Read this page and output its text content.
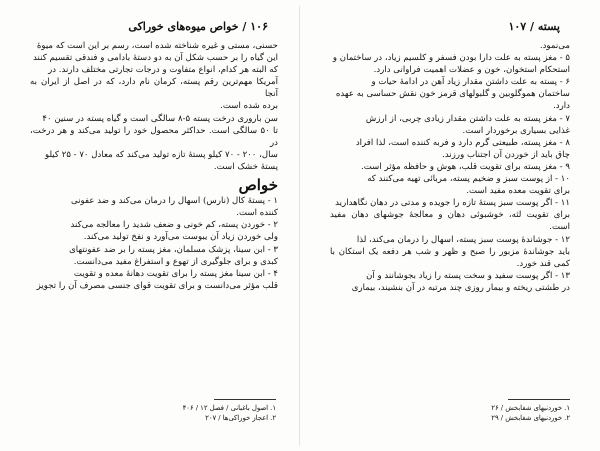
۱۰۶ / خواص میوه‌های خوراکی

حسنی، مستی و غیره شناخته شده است، رسم بر این است که میوهٔ

این گیاه را بر حسب شکل آن به دو دستهٔ بادامی و فندقی تقسیم کنند

که البته هر کدام، انواع متفاوت و درجات تجارتی مختلف دارند. در

آمریکا مهم‌ترین رقم پسته، کرمان نام دارد، که در اصل از ایران به آنجا

برده شده است.

سن باروری درخت پسته ۵-۸ سالگی است و گیاه پسته در سنین ۴۰

تا ۵۰ سالگی است. حداکثر محصول خود را تولید می‌کند و هر درخت، در

سال، ۲۰۰ - ۷۰ کیلو پستهٔ تازه تولید می‌کند که معادل ۷۰ - ۲۵ کیلو

پستهٔ خشک است.

خواص

۱ - پستهٔ کال (نارس) اسهال را درمان می‌کند و ضد عفونی

کننده است.

۲ - خوردن پسته، کم خونی و ضعف شدید را معالجه می‌کند

ولی خوردن زیاد آن یبوست می‌آورد و نفخ تولید می‌کند.

۳ - ابن سینا، پزشک مسلمان، مغز پسته را بر ضد عفونتهای

کبدی و برای جلوگیری از تهوع و استفراغ مفید می‌دانست.

۴ - ابن سینا مغز پسته را برای تقویت دهانهٔ معده و تقویت

قلب مؤثر می‌دانست و برای تقویت قوای جنسی مصرف آن را تجویز

۱. اصول باغبانی / فصل ۱۲ / ۴۰۶
۲. اعجاز خوراکی‌ها / ۲۰۷
پسته / ۱۰۷

می‌نمود.

۵ - مغز پسته به علت دارا بودن فسفر و کلسیم زیاد، در ساختمان و

استحکام استخوان، خون و عضلات اهمیت فراوانی دارد.

۶ - پسته به علت داشتن مقدار زیاد آهن در ادامهٔ حیات و

ساختمان هموگلوبین و گلبولهای قرمز خون نقش حساسی به عهده

دارد.

۷ - مغز پسته به علت داشتن مقدار زیادی چربی، از ارزش

غذایی بسیاری برخوردار است.

۸ - مغز پسته، طبیعتی گرم دارد و فربه کننده است، لذا افراد

چاق باید از خوردن آن اجتناب ورزند.

۹ - مغز پسته برای تقویت قلب، هوش و حافظه مؤثر است.

۱۰ - از پوست سبز و ضخیم پسته، مربائی تهیه می‌کنند که

برای تقویت معده مفید است.

۱۱ - اگر پوست سبز پستهٔ تازه را جویده و مدتی در دهان نگاهدارید

برای تقویت لثه، خوشبوئی دهان و معالجهٔ جوشهای دهان مفید است.

۱۲ - جوشاندهٔ پوست سبز پسته، اسهال را درمان می‌کند، لذا

باید جوشاندهٔ مزبور را صبح و ظهر و شب هر دفعه یک استکان با کمی قند خورد.

۱۳ - اگر پوست سفید و سخت پسته را زیاد بجوشانند و آن

در طشتی ریخته و بیمار روزی چند مرتبه در آن بنشیند، بیماری

۱. خوردنیهای شفابخش / ۲۶
۲. خوردنیهای شفابخش / ۲۹
